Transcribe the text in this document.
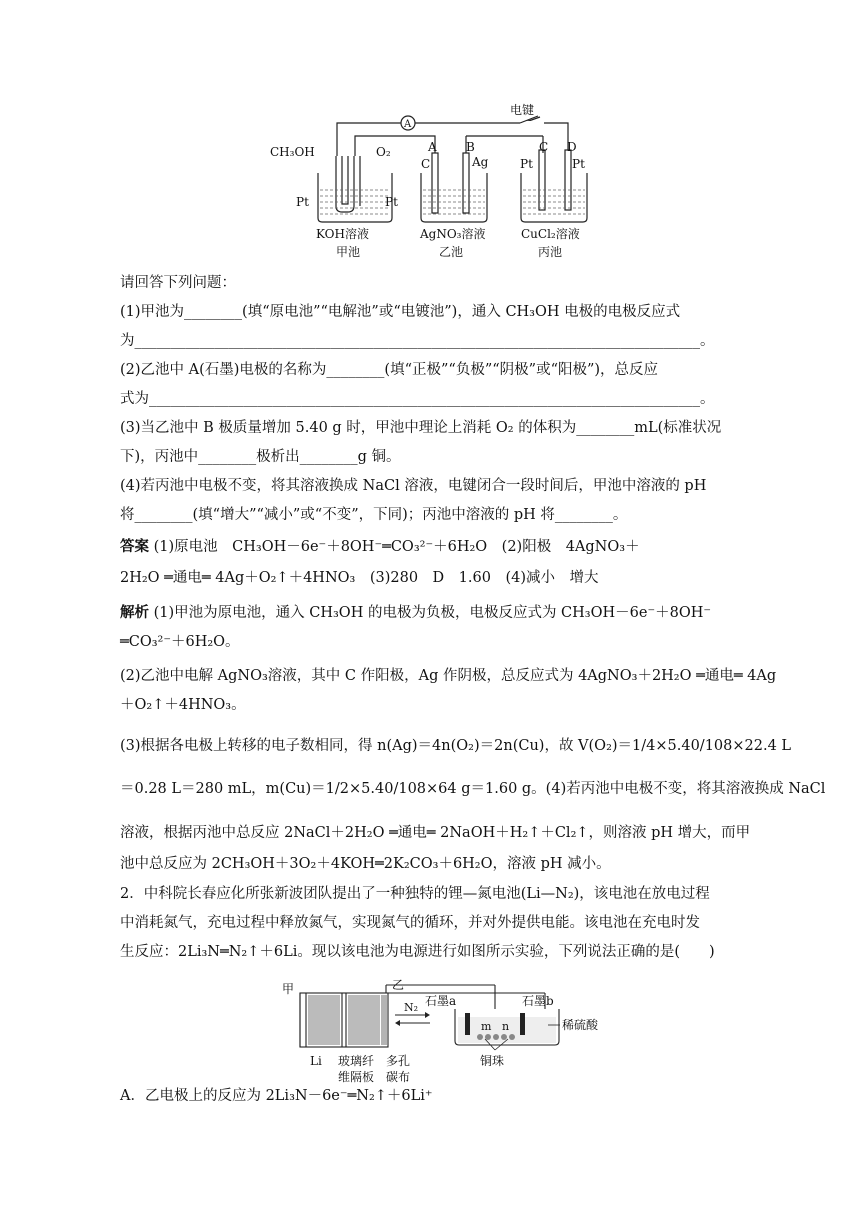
A
电键
CH₃OH	O₂	A B	C D
C	Ag	Pt	Pt
Pt	Pt
KOH溶液	AgNO₃溶液	CuCl₂溶液
甲池	乙池	丙池
请回答下列问题：
(1)甲池为________(填“原电池”“电解池”或“电镀池”)，通入 CH₃OH 电极的电极反应式
为______________________________________________________________________________。
(2)乙池中 A(石墨)电极的名称为________(填“正极”“负极”“阴极”或“阳极”)，总反应
式为____________________________________________________________________________。
(3)当乙池中 B 极质量增加 5.40 g 时，甲池中理论上消耗 O₂ 的体积为________mL(标准状况
下)，丙池中________极析出________g 铜。
(4)若丙池中电极不变，将其溶液换成 NaCl 溶液，电键闭合一段时间后，甲池中溶液的 pH
将________(填“增大”“减小”或“不变”，下同)；丙池中溶液的 pH 将________。
答案 (1)原电池　CH₃OH－6e⁻＋8OH⁻═CO₃²⁻＋6H₂O　(2)阳极　4AgNO₃＋
2H₂O ═通电═ 4Ag＋O₂↑＋4HNO₃　(3)280　D　1.60　(4)减小　增大
解析 (1)甲池为原电池，通入 CH₃OH 的电极为负极，电极反应式为 CH₃OH－6e⁻＋8OH⁻
═CO₃²⁻＋6H₂O。
(2)乙池中电解 AgNO₃溶液，其中 C 作阳极，Ag 作阴极，总反应式为 4AgNO₃＋2H₂O ═通电═ 4Ag
＋O₂↑＋4HNO₃。
(3)根据各电极上转移的电子数相同，得 n(Ag)＝4n(O₂)＝2n(Cu)，故 V(O₂)＝1/4×5.40/108×22.4 L
＝0.28 L＝280 mL，m(Cu)＝1/2×5.40/108×64 g＝1.60 g。(4)若丙池中电极不变，将其溶液换成 NaCl
溶液，根据丙池中总反应 2NaCl＋2H₂O ═通电═ 2NaOH＋H₂↑＋Cl₂↑，则溶液 pH 增大，而甲
池中总反应为 2CH₃OH＋3O₂＋4KOH═2K₂CO₃＋6H₂O，溶液 pH 减小。
2．中科院长春应化所张新波团队提出了一种独特的锂—氮电池(Li—N₂)，该电池在放电过程
中消耗氮气，充电过程中释放氮气，实现氮气的循环，并对外提供电能。该电池在充电时发
生反应：2Li₃N═N₂↑＋6Li。现以该电池为电源进行如图所示实验，下列说法正确的是(　　)
甲	乙
N₂
Li 玻璃纤
维隔板
多孔
碳布
石墨a	石墨b
m n	稀硫酸
铜珠
A．乙电极上的反应为 2Li₃N－6e⁻═N₂↑＋6Li⁺
